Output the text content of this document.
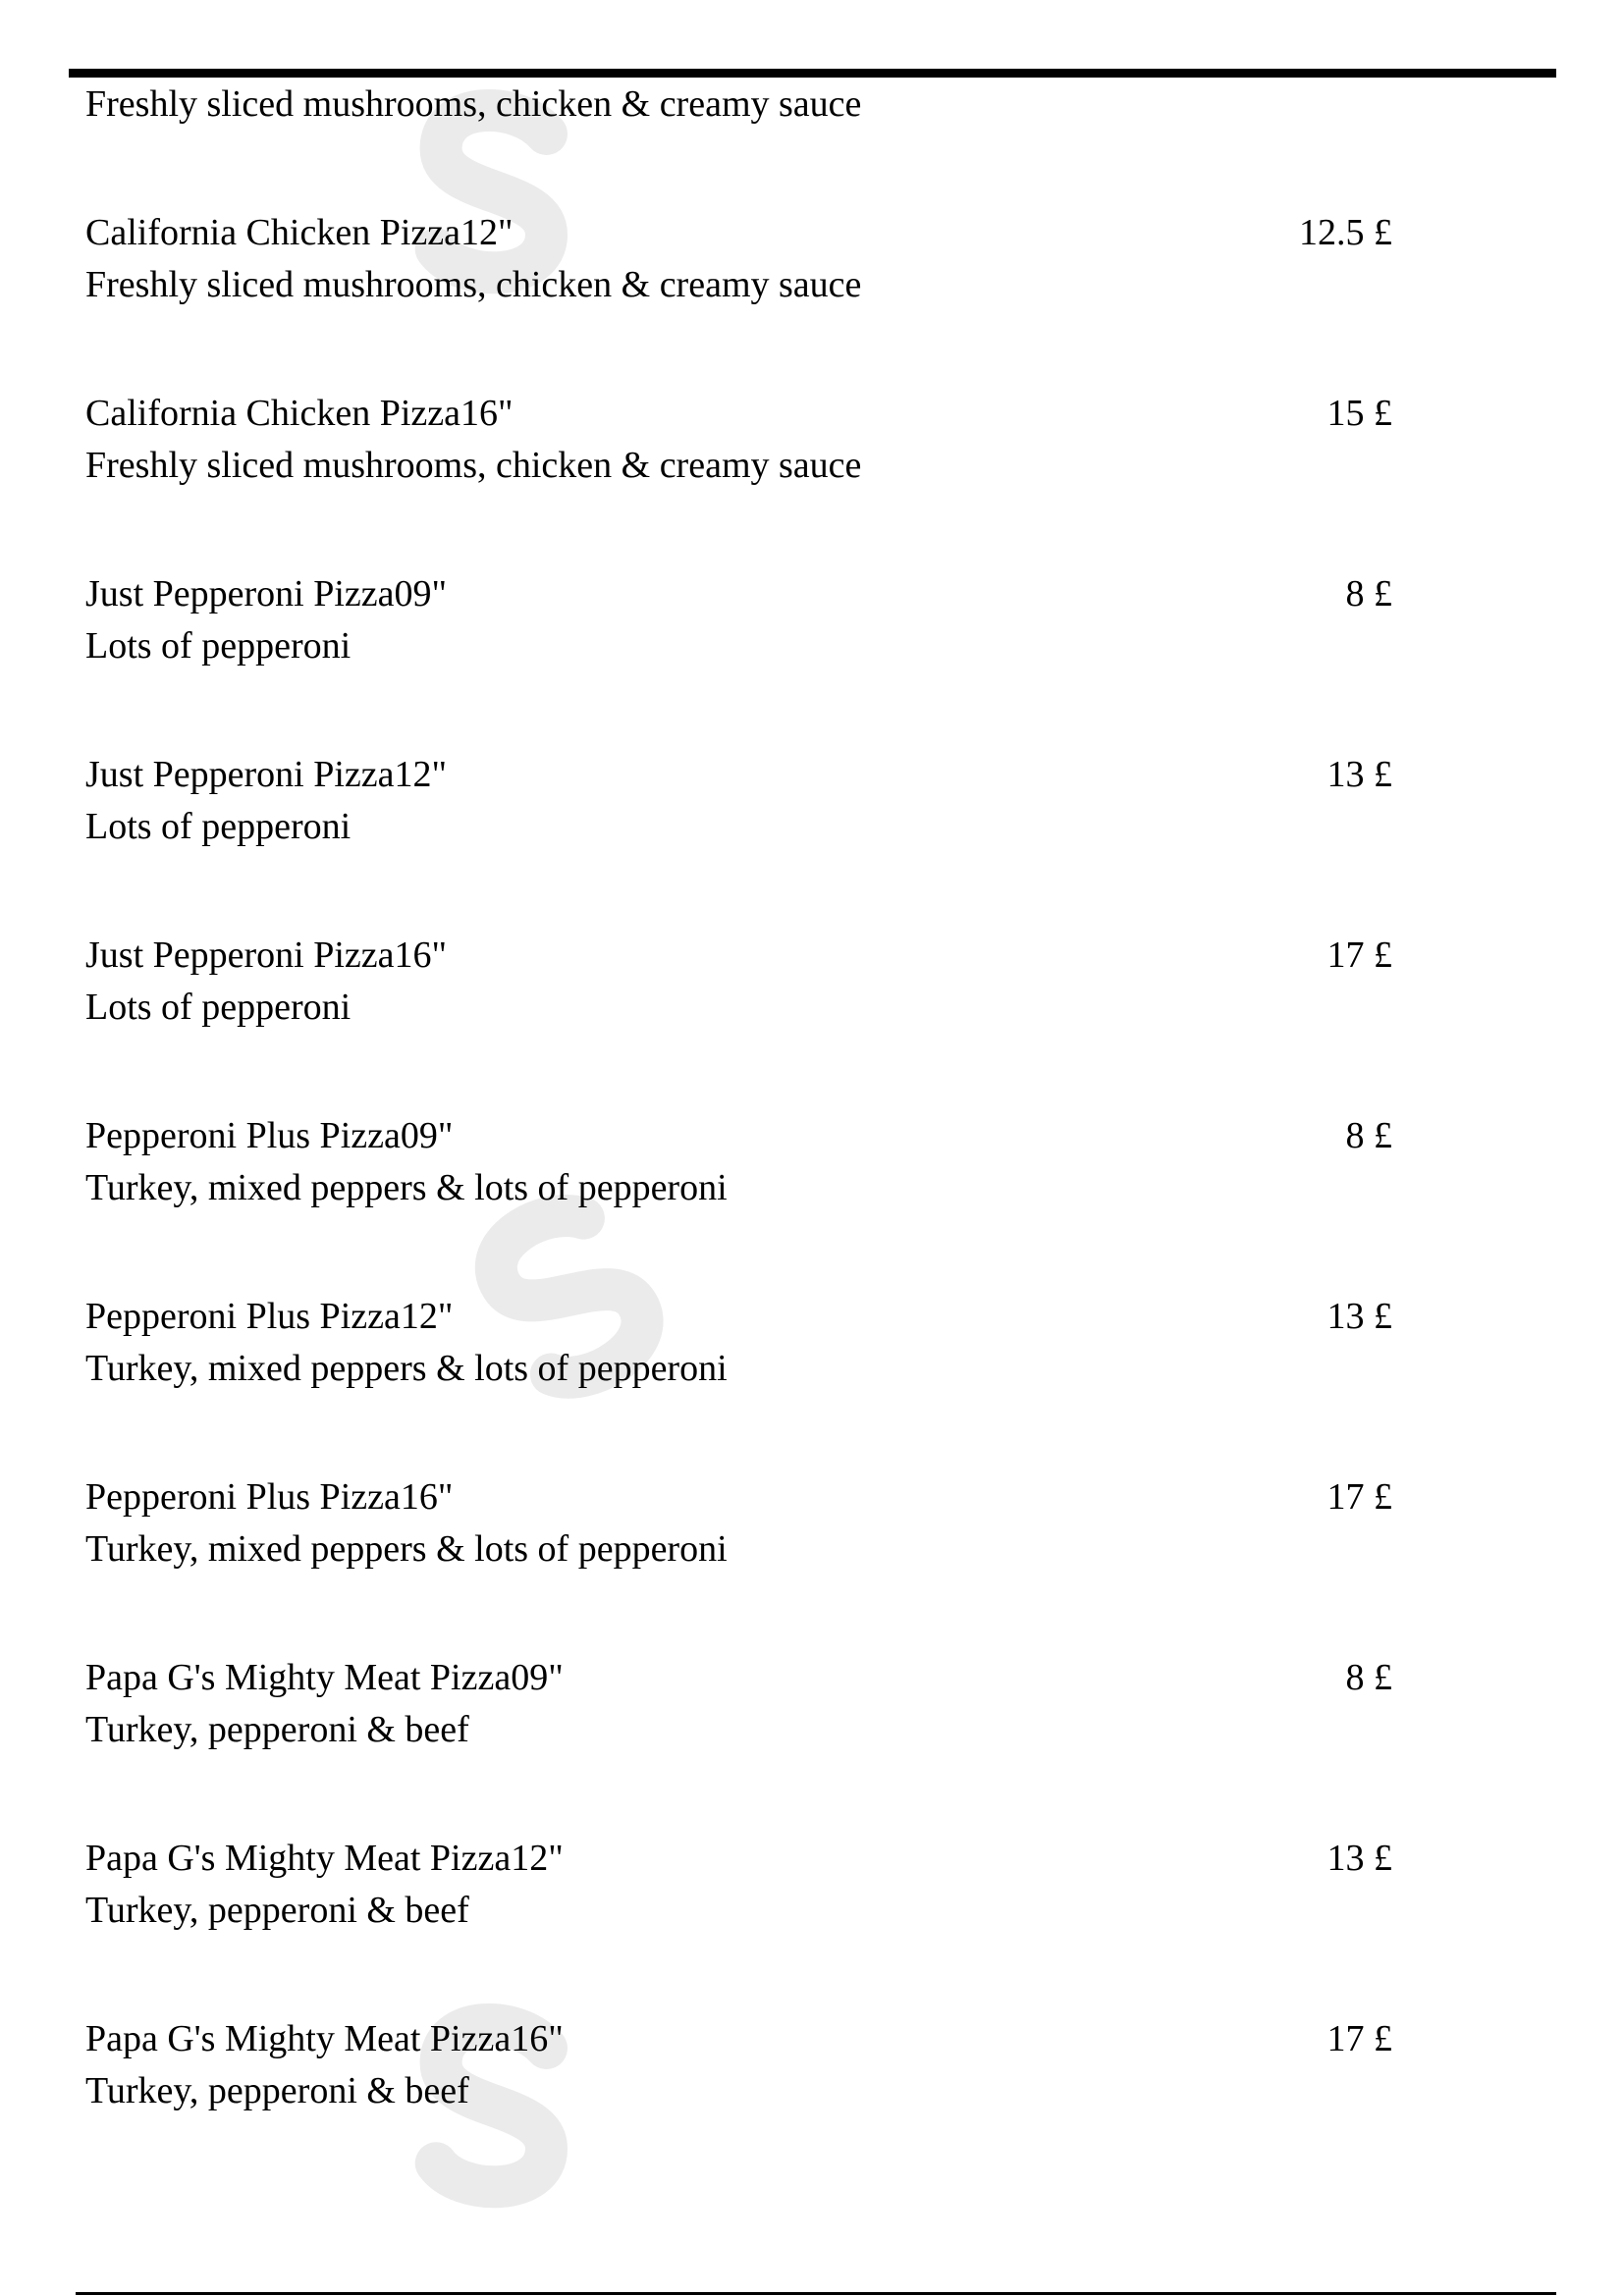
Freshly sliced mushrooms, chicken & creamy sauce
California Chicken Pizza12"
Freshly sliced mushrooms, chicken & creamy sauce
12.5 £
California Chicken Pizza16"
Freshly sliced mushrooms, chicken & creamy sauce
15 £
Just Pepperoni Pizza09"
Lots of pepperoni
8 £
Just Pepperoni Pizza12"
Lots of pepperoni
13 £
Just Pepperoni Pizza16"
Lots of pepperoni
17 £
Pepperoni Plus Pizza09"
Turkey, mixed peppers & lots of pepperoni
8 £
Pepperoni Plus Pizza12"
Turkey, mixed peppers & lots of pepperoni
13 £
Pepperoni Plus Pizza16"
Turkey, mixed peppers & lots of pepperoni
17 £
Papa G's Mighty Meat Pizza09"
Turkey, pepperoni & beef
8 £
Papa G's Mighty Meat Pizza12"
Turkey, pepperoni & beef
13 £
Papa G's Mighty Meat Pizza16"
Turkey, pepperoni & beef
17 £
